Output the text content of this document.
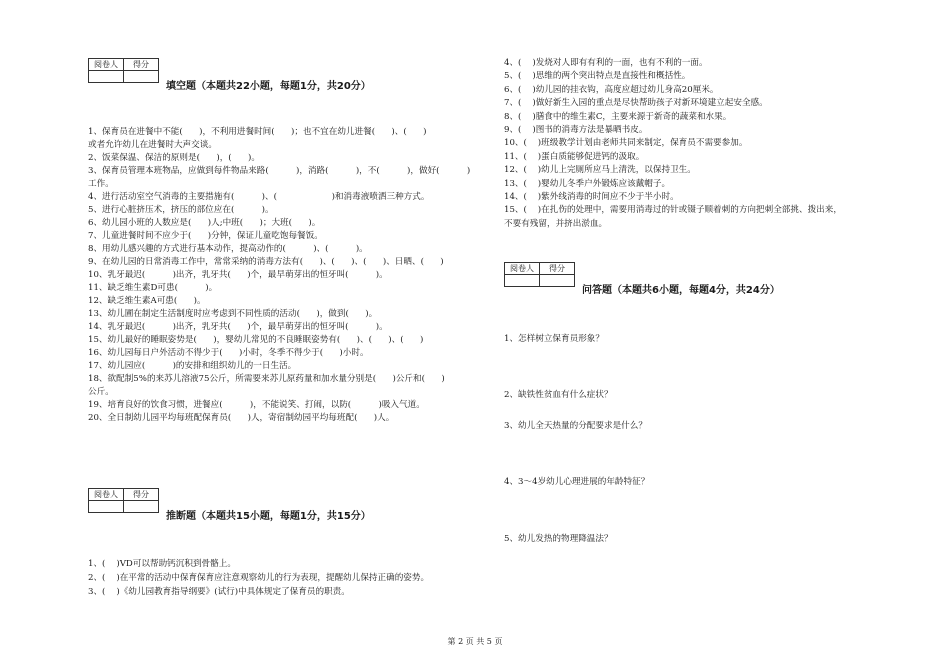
阅卷人	得分

填空题（本题共22小题，每题1分，共20分）
1、保育员在进餐中不能(      )，不利用进餐时间(      )；也不宜在幼儿进餐(      )、(      )
或者允许幼儿在进餐时大声交谈。
2、饭菜保温、保洁的原则是(      )，(      )。
3、保育员管理本班物品，应做到每件物品来路(          )，消路(          )，不(          )，做好(          )
工作。
4、进行活动室空气消毒的主要措施有(          )、(                    )和消毒液喷洒三种方式。
5、进行心脏挤压术，挤压的部位应在(          )。
6、幼儿园小班的人数应是(      )人;中班(      )；大班(      )。
7、儿童进餐时间不应少于(      )分钟，保证儿童吃饱每餐饭。
8、用幼儿感兴趣的方式进行基本动作，提高动作的(          )、(          )。
9、在幼儿园的日常消毒工作中，常常采纳的消毒方法有(      )、(      )、(      )、日晒、(      )
10、乳牙最迟(          )出齐，乳牙共(      )个，最早萌芽出的恒牙叫(          )。
11、缺乏维生素D可患(          )。
12、缺乏维生素A可患(      )。
13、幼儿圃在制定生活制度时应考虑到不同性质的活动(      )，做到(      )。
14、乳牙最迟(          )出齐，乳牙共(      )个，最早萌芽出的恒牙叫(          )。
15、幼儿最好的睡眠姿势是(      )，婴幼儿常见的不良睡眠姿势有(      )、(      )、(      )
16、幼儿园每日户外活动不得少于(      )小时，冬季不得少于(      )小时。
17、幼儿园应(          )的安排和组织幼儿的一日生活。
18、欲配制5%的来苏儿溶液75公斤，所需要来苏儿原药量和加水量分别是(      )公斤和(      )
公斤。
19、培育良好的饮食习惯，进餐应(          )，不能说笑、打闹，以防(          )吸入气道。
20、全日制幼儿园平均每班配保育员(      )人，寄宿制幼园平均每班配(      )人。
阅卷人	得分

推断题（本题共15小题，每题1分，共15分）
1、(    )VD可以帮助钙沉积到骨骼上。
2、(    )在平常的活动中保育保育应注意观察幼儿的行为表现，提醒幼儿保持正确的姿势。
3、(    )《幼儿园教育指导纲要》(试行)中具体规定了保育员的职责。
4、(    )发烧对人即有有利的一面，也有不利的一面。
5、(    )思维的两个突出特点是直接性和概括性。
6、(    )幼儿园的挂衣钩，高度应超过幼儿身高20厘米。
7、(    )做好新生入园的重点是尽快帮助孩子对新环境建立起安全感。
8、(    )膳食中的维生素C，主要来源于新奇的蔬菜和水果。
9、(    )图书的消毒方法是暴晒书皮。
10、(    )班级教学计划由老师共同来制定，保育员不需要参加。
11、(    )蛋白质能够促进钙的汲取。
12、(    )幼儿上完厕所应马上清洗，以保持卫生。
13、(    )婴幼儿冬季户外锻炼应该戴帽子。
14、(    )紫外线消毒的时间应不少于半小时。
15、(    )在扎伤的处理中，需要用消毒过的针或镊子顺着刺的方向把刺全部挑、拨出来，
不要有残留，并挤出淤血。
阅卷人	得分

问答题（本题共6小题，每题4分，共24分）
1、怎样树立保育员形象？
2、缺铁性贫血有什么症状？
3、幼儿全天热量的分配要求是什么？
4、3～4岁幼儿心理进展的年龄特征？
5、幼儿发热的物理降温法？
第 2 页 共 5 页
